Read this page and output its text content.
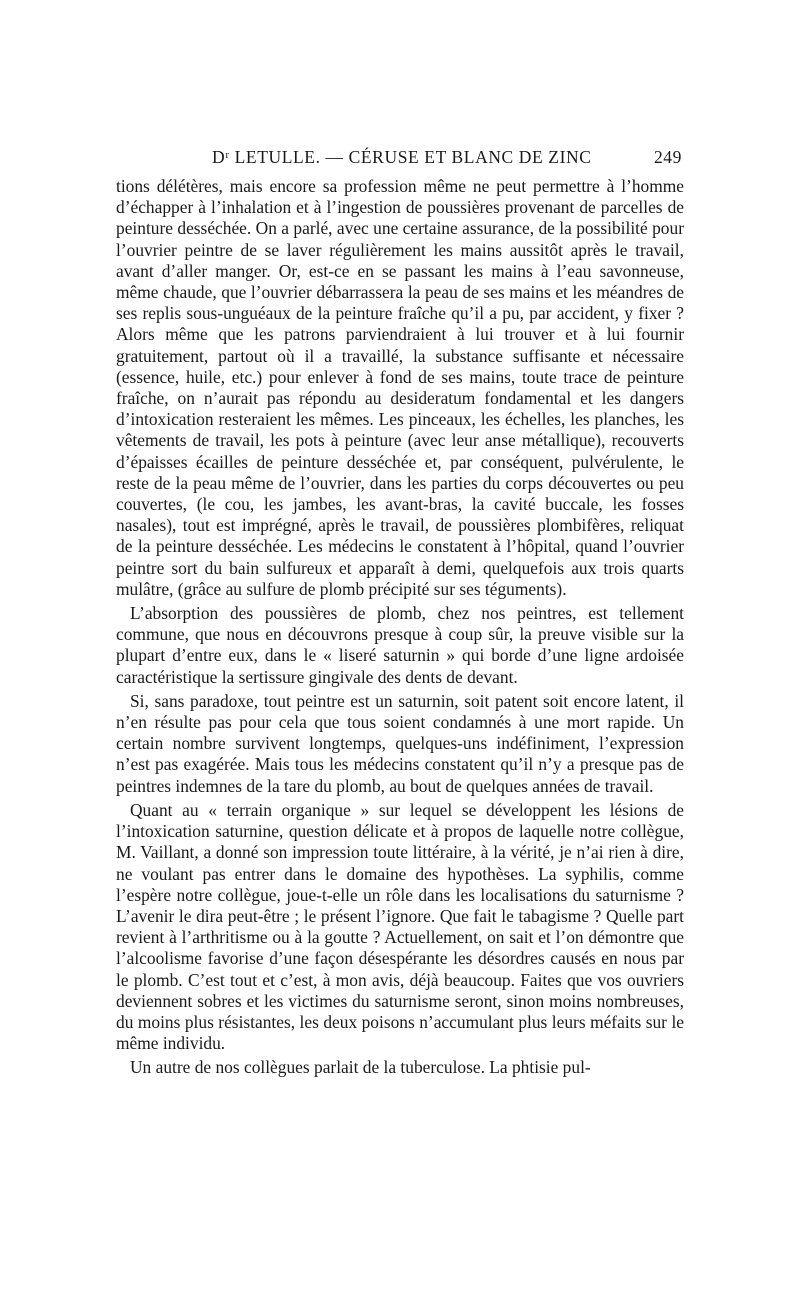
Dʳ LETULLE. — CÉRUSE ET BLANC DE ZINC	249

tions délétères, mais encore sa profession même ne peut permettre à l’homme d’échapper à l’inhalation et à l’ingestion de poussières provenant de parcelles de peinture desséchée. On a parlé, avec une certaine assurance, de la possibilité pour l’ouvrier peintre de se laver régulièrement les mains aussitôt après le travail, avant d’aller manger. Or, est-ce en se passant les mains à l’eau savonneuse, même chaude, que l’ouvrier débarrassera la peau de ses mains et les méandres de ses replis sous-unguéaux de la peinture fraîche qu’il a pu, par accident, y fixer ? Alors même que les patrons parviendraient à lui trouver et à lui fournir gratuitement, partout où il a travaillé, la substance suffisante et nécessaire (essence, huile, etc.) pour enlever à fond de ses mains, toute trace de peinture fraîche, on n’aurait pas répondu au desideratum fondamental et les dangers d’intoxication resteraient les mêmes. Les pinceaux, les échelles, les planches, les vêtements de travail, les pots à peinture (avec leur anse métallique), recouverts d’épaisses écailles de peinture desséchée et, par conséquent, pulvérulente, le reste de la peau même de l’ouvrier, dans les parties du corps découvertes ou peu couvertes, (le cou, les jambes, les avant-bras, la cavité buccale, les fosses nasales), tout est imprégné, après le travail, de poussières plombifères, reliquat de la peinture desséchée. Les médecins le constatent à l’hôpital, quand l’ouvrier peintre sort du bain sulfureux et apparaît à demi, quelquefois aux trois quarts mulâtre, (grâce au sulfure de plomb précipité sur ses téguments).

L’absorption des poussières de plomb, chez nos peintres, est tellement commune, que nous en découvrons presque à coup sûr, la preuve visible sur la plupart d’entre eux, dans le « liseré saturnin » qui borde d’une ligne ardoisée caractéristique la sertissure gingivale des dents de devant.

Si, sans paradoxe, tout peintre est un saturnin, soit patent soit encore latent, il n’en résulte pas pour cela que tous soient condamnés à une mort rapide. Un certain nombre survivent longtemps, quelques-uns indéfiniment, l’expression n’est pas exagérée. Mais tous les médecins constatent qu’il n’y a presque pas de peintres indemnes de la tare du plomb, au bout de quelques années de travail.

Quant au « terrain organique » sur lequel se développent les lésions de l’intoxication saturnine, question délicate et à propos de laquelle notre collègue, M. Vaillant, a donné son impression toute littéraire, à la vérité, je n’ai rien à dire, ne voulant pas entrer dans le domaine des hypothèses. La syphilis, comme l’espère notre collègue, joue-t-elle un rôle dans les localisations du saturnisme ? L’avenir le dira peut-être ; le présent l’ignore. Que fait le tabagisme ? Quelle part revient à l’arthritisme ou à la goutte ? Actuellement, on sait et l’on démontre que l’alcoolisme favorise d’une façon désespérante les désordres causés en nous par le plomb. C’est tout et c’est, à mon avis, déjà beaucoup. Faites que vos ouvriers deviennent sobres et les victimes du saturnisme seront, sinon moins nombreuses, du moins plus résistantes, les deux poisons n’accumulant plus leurs méfaits sur le même individu.

Un autre de nos collègues parlait de la tuberculose. La phtisie pul-
